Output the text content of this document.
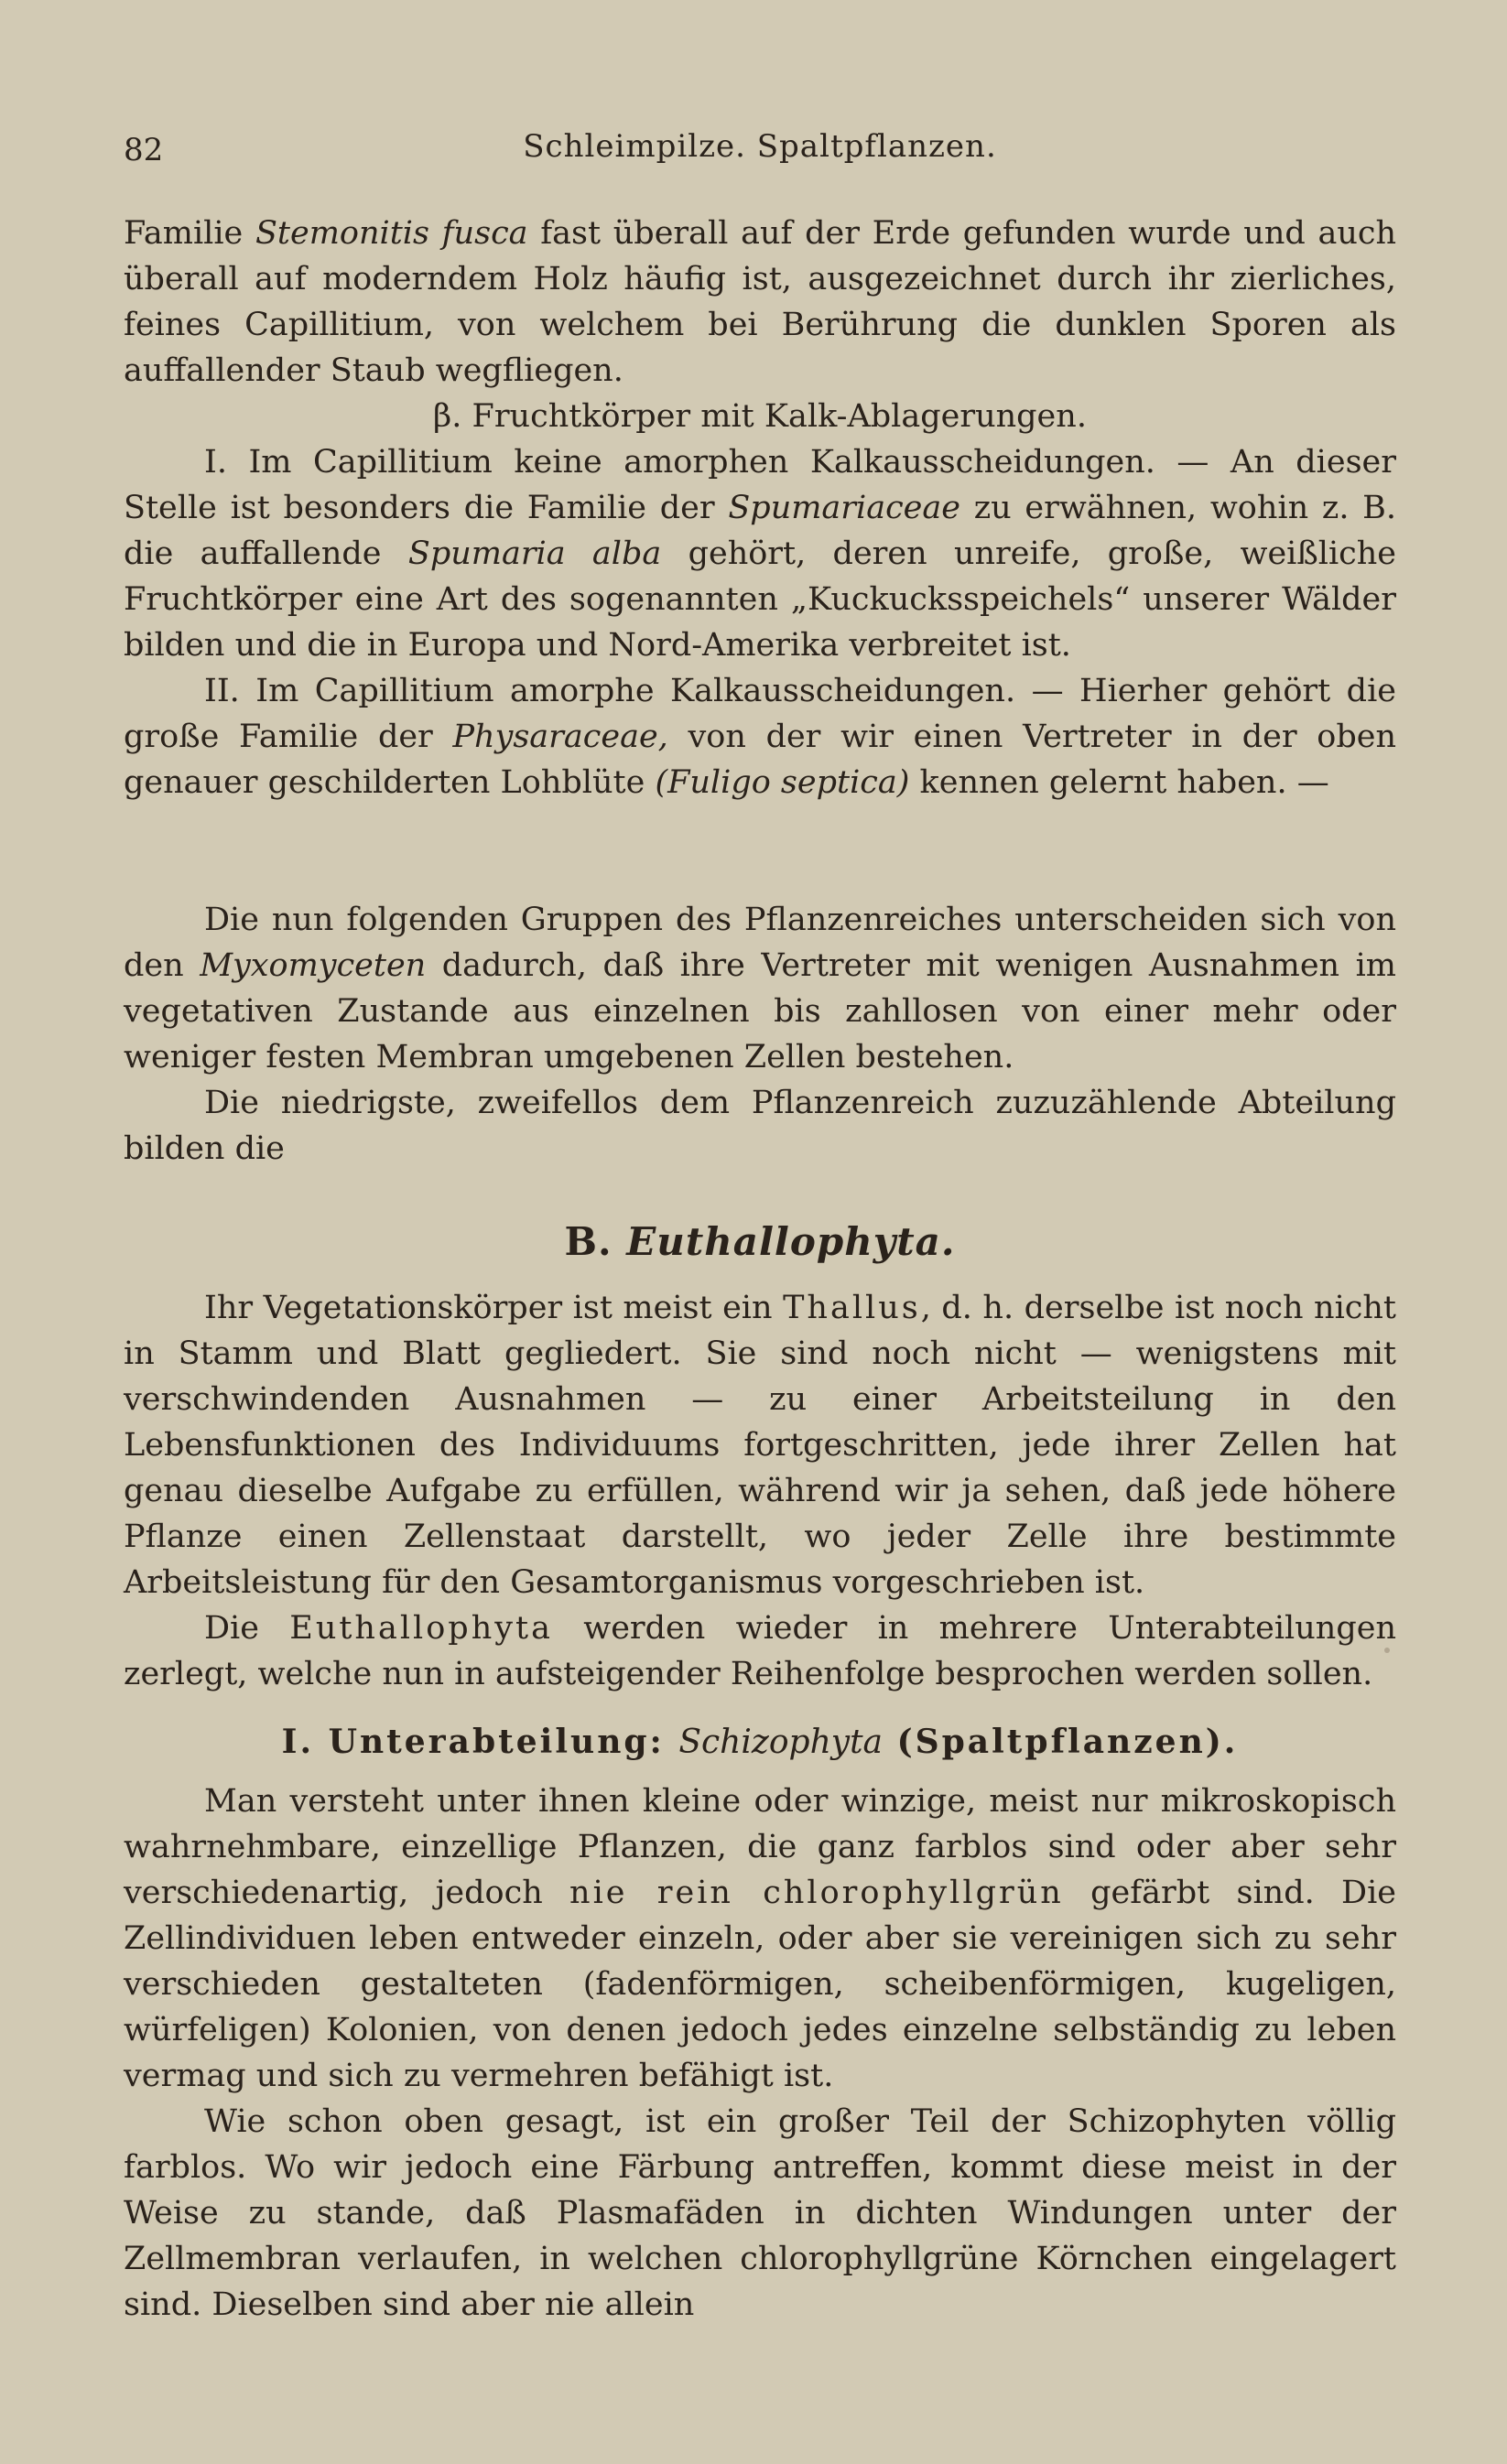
82	Schleimpilze. Spaltpflanzen.

Familie Stemonitis fusca fast überall auf der Erde gefunden wurde und auch überall auf moderndem Holz häufig ist, ausgezeichnet durch ihr zierliches, feines Capillitium, von welchem bei Berührung die dunklen Sporen als auffallender Staub wegfliegen.

β. Fruchtkörper mit Kalk-Ablagerungen.

I. Im Capillitium keine amorphen Kalkausscheidungen. — An dieser Stelle ist besonders die Familie der Spumariaceae zu erwähnen, wohin z. B. die auffallende Spumaria alba gehört, deren unreife, große, weißliche Fruchtkörper eine Art des sogenannten „Kuckucksspeichels“ unserer Wälder bilden und die in Europa und Nord-Amerika verbreitet ist.

II. Im Capillitium amorphe Kalkausscheidungen. — Hierher gehört die große Familie der Physaraceae, von der wir einen Vertreter in der oben genauer geschilderten Lohblüte (Fuligo septica) kennen gelernt haben. —

Die nun folgenden Gruppen des Pflanzenreiches unterscheiden sich von den Myxomyceten dadurch, daß ihre Vertreter mit wenigen Ausnahmen im vegetativen Zustande aus einzelnen bis zahllosen von einer mehr oder weniger festen Membran umgebenen Zellen bestehen.

Die niedrigste, zweifellos dem Pflanzenreich zuzuzählende Abteilung bilden die

B. Euthallophyta.

Ihr Vegetationskörper ist meist ein Thallus, d. h. derselbe ist noch nicht in Stamm und Blatt gegliedert. Sie sind noch nicht — wenigstens mit verschwindenden Ausnahmen — zu einer Arbeitsteilung in den Lebensfunktionen des Individuums fortgeschritten, jede ihrer Zellen hat genau dieselbe Aufgabe zu erfüllen, während wir ja sehen, daß jede höhere Pflanze einen Zellenstaat darstellt, wo jeder Zelle ihre bestimmte Arbeitsleistung für den Gesamtorganismus vorgeschrieben ist.

Die Euthallophyta werden wieder in mehrere Unterabteilungen zerlegt, welche nun in aufsteigender Reihenfolge besprochen werden sollen.

I. Unterabteilung: Schizophyta (Spaltpflanzen).

Man versteht unter ihnen kleine oder winzige, meist nur mikroskopisch wahrnehmbare, einzellige Pflanzen, die ganz farblos sind oder aber sehr verschiedenartig, jedoch nie rein chlorophyllgrün gefärbt sind. Die Zellindividuen leben entweder einzeln, oder aber sie vereinigen sich zu sehr verschieden gestalteten (fadenförmigen, scheibenförmigen, kugeligen, würfeligen) Kolonien, von denen jedoch jedes einzelne selbständig zu leben vermag und sich zu vermehren befähigt ist.

Wie schon oben gesagt, ist ein großer Teil der Schizophyten völlig farblos. Wo wir jedoch eine Färbung antreffen, kommt diese meist in der Weise zu stande, daß Plasmafäden in dichten Windungen unter der Zellmembran verlaufen, in welchen chlorophyllgrüne Körnchen eingelagert sind. Dieselben sind aber nie allein
